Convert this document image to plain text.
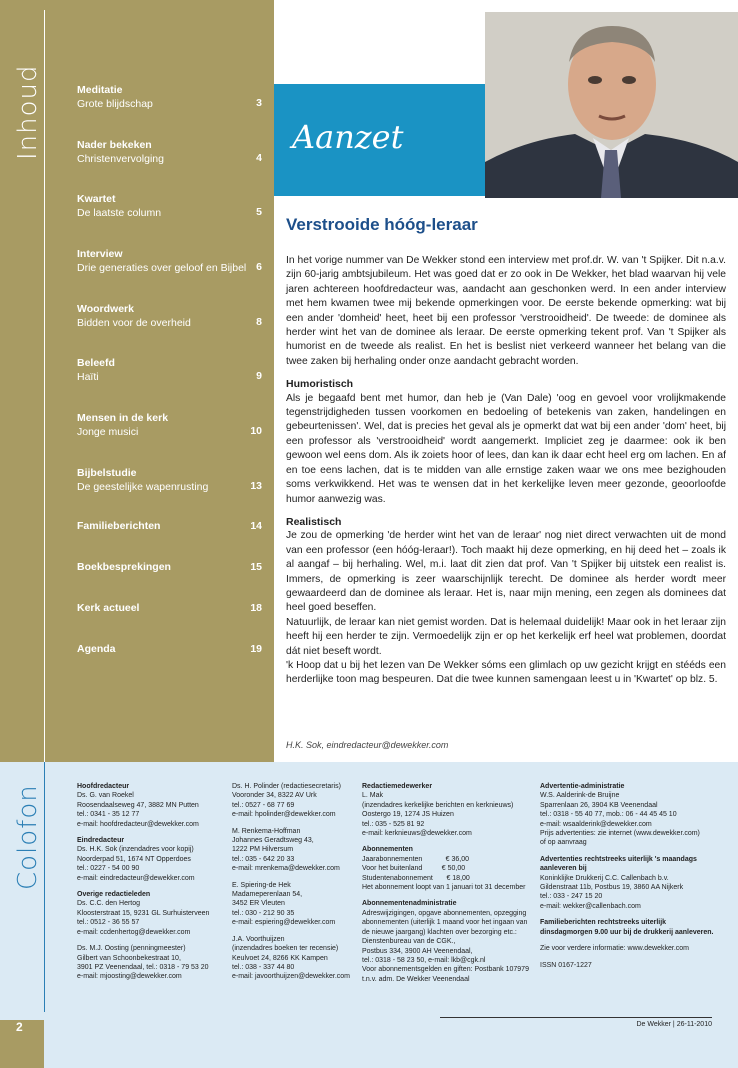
Inhoud	Meditatie
Grote blijdschap	3
Nader bekeken
Christenvervolging	4
Kwartet
De laatste column	5
Interview
Drie generaties over geloof en Bijbel 6
Woordwerk
Bidden voor de overheid	8
Beleefd
Haïti	9
Mensen in de kerk
Jonge musici	10
Bijbelstudie
De geestelijke wapenrusting	13
Familieberichten	14
Boekbesprekingen	15
Kerk actueel	18
Agenda	19
Aanzet
Verstrooide hóóg-leraar

In het vorige nummer van De Wekker stond een interview met prof.dr. W. van 't Spijker. Dit n.a.v. zijn 60-jarig ambtsjubileum. Het was goed dat er zo ook in De Wekker, het blad waarvan hij vele jaren achtereen hoofdredacteur was, aandacht aan geschonken werd. In een ander interview met hem kwamen twee mij bekende opmerkingen voor. De eerste bekende opmerking: wat bij een ander 'domheid' heet, heet bij een professor 'verstrooidheid'. De tweede: de dominee als herder wint het van de dominee als leraar. De eerste opmerking tekent prof. Van 't Spijker als humorist en de tweede als realist. En het is beslist niet verkeerd wanneer het belang van die twee zaken bij herhaling onder onze aandacht gebracht worden.

Humoristisch

Als je begaafd bent met humor, dan heb je (Van Dale) 'oog en gevoel voor vrolijkmakende tegenstrijdigheden tussen voorkomen en bedoeling of betekenis van zaken, handelingen en gebeurtenissen'. Wel, dat is precies het geval als je opmerkt dat wat bij een ander 'dom' heet, bij een professor als 'verstrooidheid' wordt aangemerkt. Impliciet zeg je daarmee: ook ik ben gewoon wel eens dom. Als ik zoiets hoor of lees, dan kan ik daar echt heel erg om lachen. En af en toe eens lachen, dat is te midden van alle ernstige zaken waar we ons mee bezighouden soms verkwikkend. Het was te wensen dat in het kerkelijke leven meer gezonde, geoorloofde humor aanwezig was.

Realistisch

Je zou de opmerking 'de herder wint het van de leraar' nog niet direct verwachten uit de mond van een professor (een hóóg-leraar!). Toch maakt hij deze opmerking, en hij deed het – zoals ik al aangaf – bij herhaling. Wel, m.i. laat dit zien dat prof. Van 't Spijker bij uitstek een realist is. Immers, de opmerking is zeer waarschijnlijk terecht. De dominee als herder wordt meer gewaardeerd dan de dominee als leraar. Het is, naar mijn mening, een zegen als dominees dat heel goed beseffen.

Natuurlijk, de leraar kan niet gemist worden. Dat is helemaal duidelijk! Maar ook in het leraar zijn heeft hij een herder te zijn. Vermoedelijk zijn er op het kerkelijk erf heel wat problemen, doordat dát niet beseft wordt.

'k Hoop dat u bij het lezen van De Wekker sóms een glimlach op uw gezicht krijgt en stééds een herderlijke toon mag bespeuren. Dat die twee kunnen samengaan leest u in 'Kwartet' op blz. 5.

H.K. Sok, eindredacteur@dewekker.com
Colofon	Hoofdredacteur
Ds. G. van Roekel
Roosendaalseweg 47, 3882 MN Putten
tel.: 0341 - 35 12 77
e-mail: hoofdredacteur@dewekker.com
Eindredacteur
Ds. H.K. Sok (inzendadres voor kopij)
Noorderpad 51, 1674 NT Opperdoes
tel.: 0227 - 54 00 90
e-mail: eindredacteur@dewekker.com
Overige redactieleden
Ds. C.C. den Hertog
Kloosterstraat 15, 9231 GL Surhuisterveen
tel.: 0512 - 36 55 57
e-mail: ccdenhertog@dewekker.com
Ds. M.J. Oosting (penningmeester)
Gilbert van Schoonbekestraat 10,
3901 PZ Veenendaal, tel.: 0318 - 79 53 20
e-mail: mjoosting@dewekker.com
Ds. H. Polinder (redactiesecretaris)
Vooronder 34, 8322 AV Urk
tel.: 0527 - 68 77 69
e-mail: hpolinder@dewekker.com
M. Renkema-Hoffman
Johannes Geradtsweg 43,
1222 PM Hilversum
tel.: 035 - 642 20 33
e-mail: mrenkema@dewekker.com
E. Spiering-de Hek
Madameperenlaan 54,
3452 ER Vleuten
tel.: 030 - 212 90 35
e-mail: espiering@dewekker.com
J.A. Voorthuijzen
(inzendadres boeken ter recensie)
Keulvoet 24, 8266 KK Kampen
tel.: 038 - 337 44 80
e-mail: javoorthuijzen@dewekker.com
Redactiemedewerker
L. Mak
(inzendadres kerkelijke berichten en kerknieuws)
Oostergo 19, 1274 JS Huizen
tel.: 035 - 525 81 92
e-mail: kerknieuws@dewekker.com
Abonnementen
Jaarabonnementen            € 36,00
Voor het buitenland          € 50,00
Studentenabonnement       € 18,00
Het abonnement loopt van 1 januari tot 31 december
Abonnementenadministratie
Adreswijzigingen, opgave abonnementen, opzegging
abonnementen (uiterlijk 1 maand voor het ingaan van
de nieuwe jaargang) klachten over bezorging etc.:
Dienstenbureau van de CGK.,
Postbus 334, 3900 AH Veenendaal,
tel.: 0318 - 58 23 50, e-mail: lkb@cgk.nl
Voor abonnementsgelden en giften: Postbank 107979
t.n.v. adm. De Wekker Veenendaal
Advertentie-administratie
W.S. Aalderink-de Bruijne
Sparrenlaan 26, 3904 KB Veenendaal
tel.: 0318 - 55 40 77, mob.: 06 - 44 45 45 10
e-mail: wsaalderink@dewekker.com
Prijs advertenties: zie internet (www.dewekker.com)
of op aanvraag
Advertenties rechtstreeks uiterlijk 's maandags aanleveren bij
Koninklijke Drukkerij C.C. Callenbach b.v.
Gildenstraat 11b, Postbus 19, 3860 AA Nijkerk
tel.: 033 - 247 15 20
e-mail: wekker@callenbach.com
Familieberichten rechtstreeks uiterlijk dinsdagmorgen 9.00 uur bij de drukkerij aanleveren.
Zie voor verdere informatie: www.dewekker.com
ISSN 0167-1227
De Wekker | 26-11-2010
2
